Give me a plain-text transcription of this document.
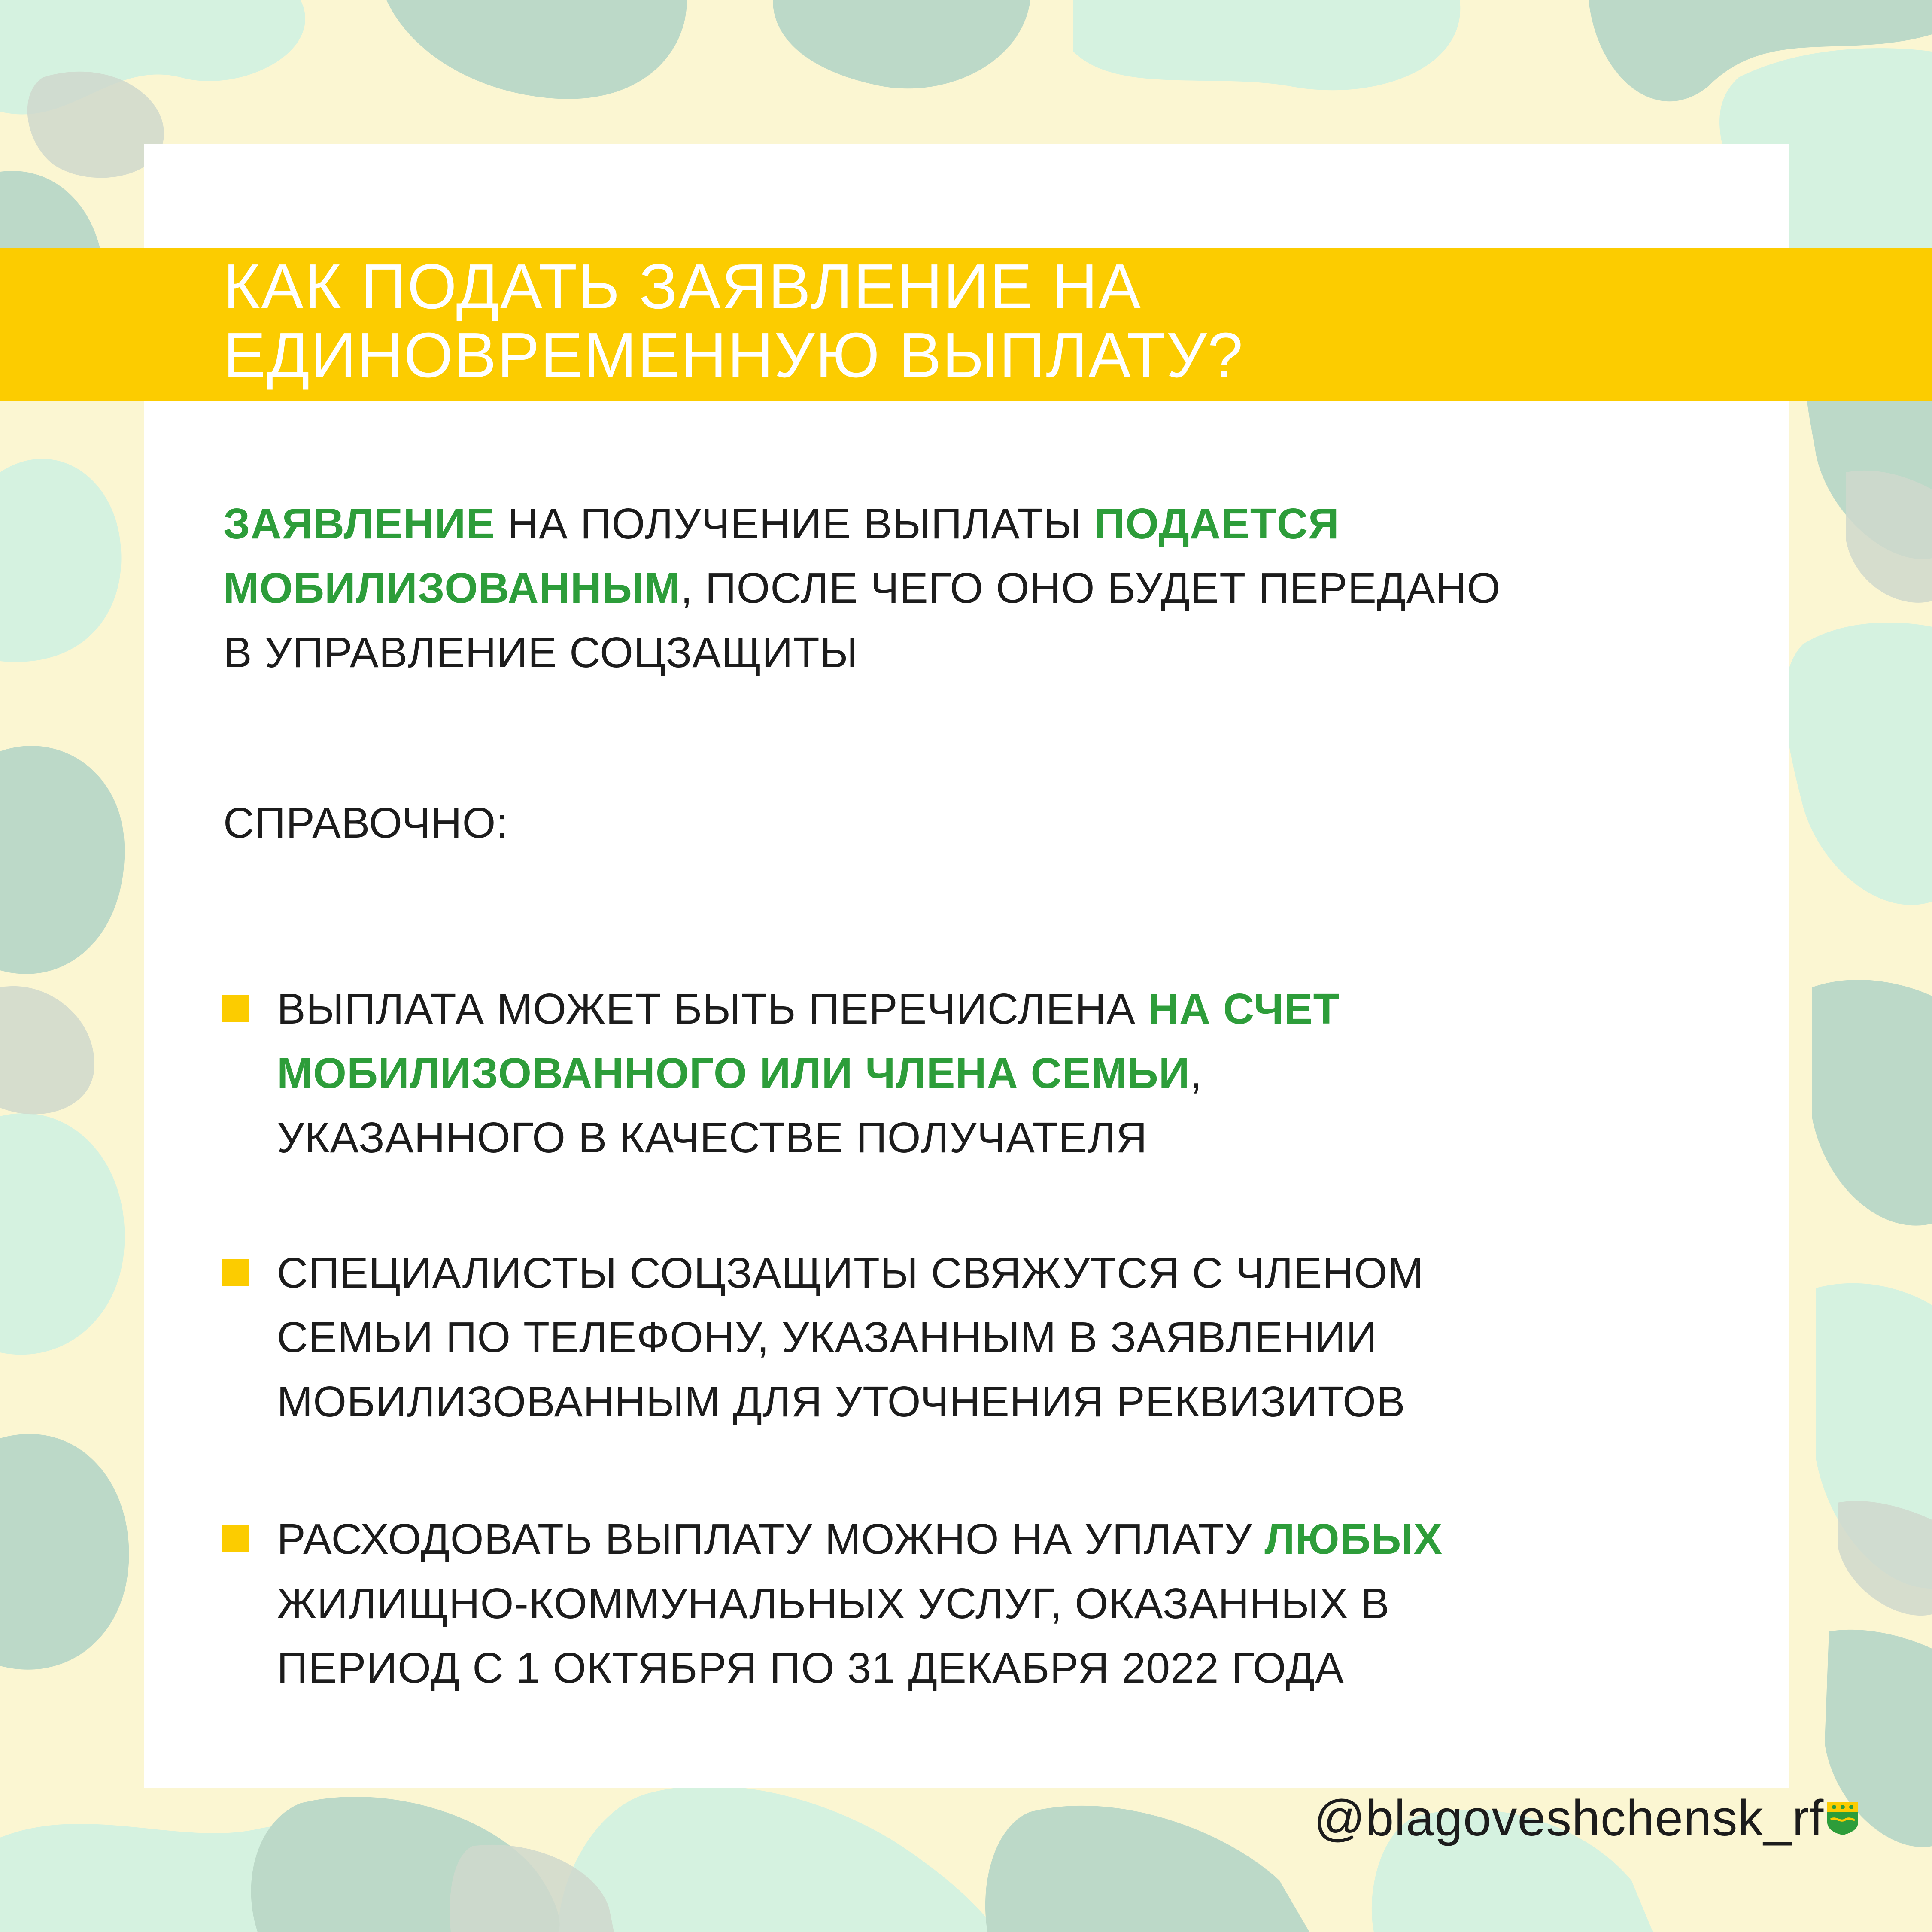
КАК ПОДАТЬ ЗАЯВЛЕНИЕ НА
ЕДИНОВРЕМЕННУЮ ВЫПЛАТУ?

ЗАЯВЛЕНИЕ НА ПОЛУЧЕНИЕ ВЫПЛАТЫ ПОДАЕТСЯ
МОБИЛИЗОВАННЫМ, ПОСЛЕ ЧЕГО ОНО БУДЕТ ПЕРЕДАНО
В УПРАВЛЕНИЕ СОЦЗАЩИТЫ

СПРАВОЧНО:

ВЫПЛАТА МОЖЕТ БЫТЬ ПЕРЕЧИСЛЕНА НА СЧЕТ
МОБИЛИЗОВАННОГО ИЛИ ЧЛЕНА СЕМЬИ,
УКАЗАННОГО В КАЧЕСТВЕ ПОЛУЧАТЕЛЯ

СПЕЦИАЛИСТЫ СОЦЗАЩИТЫ СВЯЖУТСЯ С ЧЛЕНОМ
СЕМЬИ ПО ТЕЛЕФОНУ, УКАЗАННЫМ В ЗАЯВЛЕНИИ
МОБИЛИЗОВАННЫМ ДЛЯ УТОЧНЕНИЯ РЕКВИЗИТОВ

РАСХОДОВАТЬ ВЫПЛАТУ МОЖНО НА УПЛАТУ ЛЮБЫХ
ЖИЛИЩНО-КОММУНАЛЬНЫХ УСЛУГ, ОКАЗАННЫХ В
ПЕРИОД С 1 ОКТЯБРЯ ПО 31 ДЕКАБРЯ 2022 ГОДА

@blagoveshchensk_rf
